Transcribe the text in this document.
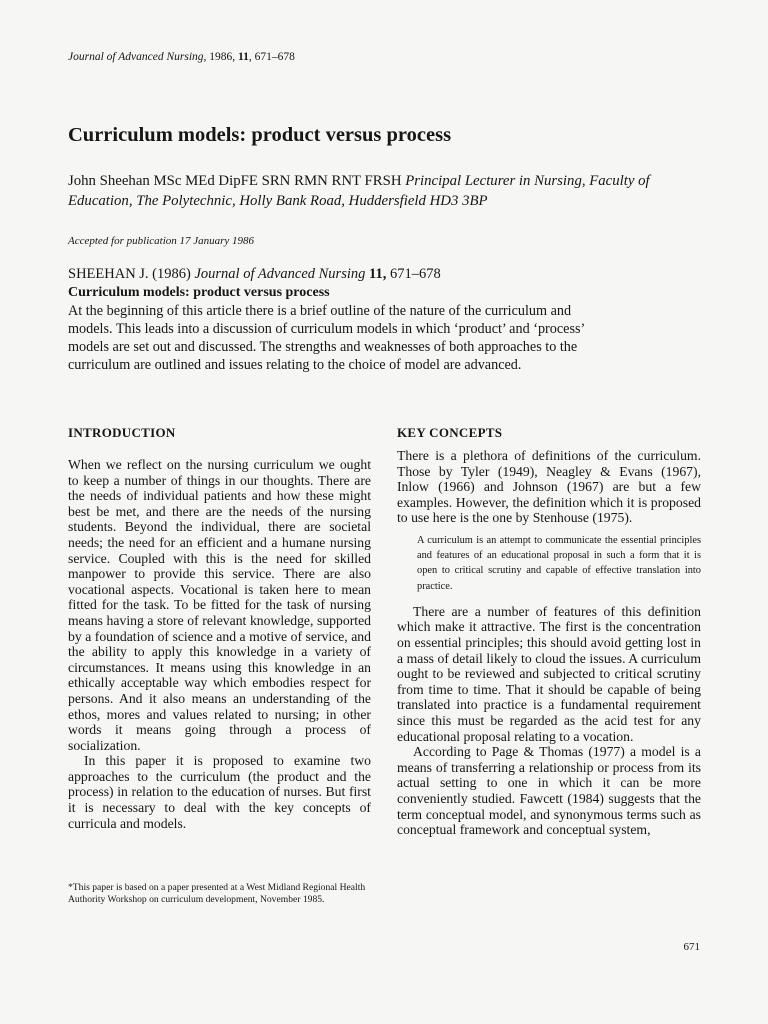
Journal of Advanced Nursing, 1986, 11, 671–678
Curriculum models: product versus process
John Sheehan MSc MEd DipFE SRN RMN RNT FRSH Principal Lecturer in Nursing, Faculty of Education, The Polytechnic, Holly Bank Road, Huddersfield HD3 3BP
Accepted for publication 17 January 1986
SHEEHAN J. (1986) Journal of Advanced Nursing 11, 671–678
Curriculum models: product versus process
At the beginning of this article there is a brief outline of the nature of the curriculum and
models. This leads into a discussion of curriculum models in which ‘product’ and ‘process’
models are set out and discussed. The strengths and weaknesses of both approaches to the
curriculum are outlined and issues relating to the choice of model are advanced.
INTRODUCTION

When we reflect on the nursing curriculum we ought to keep a number of things in our thoughts. There are the needs of individual patients and how these might best be met, and there are the needs of the nursing students. Beyond the individual, there are societal needs; the need for an efficient and a humane nursing service. Coupled with this is the need for skilled manpower to provide this service. There are also vocational aspects. Vocational is taken here to mean fitted for the task. To be fitted for the task of nursing means having a store of relevant knowledge, supported by a foundation of science and a motive of service, and the ability to apply this knowledge in a variety of circumstances. It means using this knowledge in an ethically acceptable way which embodies respect for persons. And it also means an understanding of the ethos, mores and values related to nursing; in other words it means going through a process of socialization.

In this paper it is proposed to examine two approaches to the curriculum (the product and the process) in relation to the education of nurses. But first it is necessary to deal with the key concepts of curricula and models.

*This paper is based on a paper presented at a West Midland Regional Health Authority Workshop on curriculum development, November 1985.
KEY CONCEPTS

There is a plethora of definitions of the curriculum. Those by Tyler (1949), Neagley & Evans (1967), Inlow (1966) and Johnson (1967) are but a few examples. However, the definition which it is proposed to use here is the one by Stenhouse (1975).

A curriculum is an attempt to communicate the essential principles and features of an educational proposal in such a form that it is open to critical scrutiny and capable of effective translation into practice.

There are a number of features of this definition which make it attractive. The first is the concentration on essential principles; this should avoid getting lost in a mass of detail likely to cloud the issues. A curriculum ought to be reviewed and subjected to critical scrutiny from time to time. That it should be capable of being translated into practice is a fundamental requirement since this must be regarded as the acid test for any educational proposal relating to a vocation.

According to Page & Thomas (1977) a model is a means of transferring a relationship or process from its actual setting to one in which it can be more conveniently studied. Fawcett (1984) suggests that the term conceptual model, and synonymous terms such as conceptual framework and conceptual system,

671
